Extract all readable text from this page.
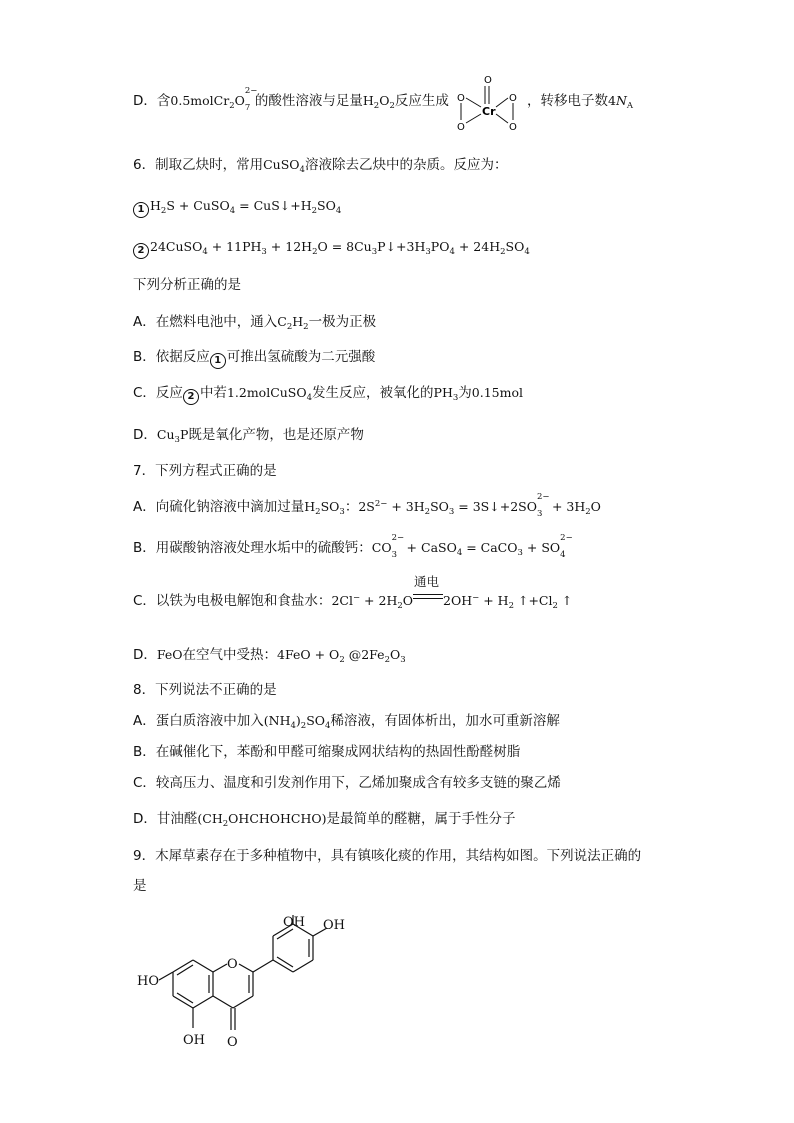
D．含0.5molCr$_2$O
2−
7 的酸性溶液与足量$H_2O_2$反应生成
Cr
O
O
O
O
O
，转移电子数$4N_A$
6．制取乙炔时，常用CuSO$_4$溶液除去乙炔中的杂质。反应为：
1 $H_2S$ + CuSO$_4$ = $CuS↓+H_2SO_4$
2 24CuSO$_4$ + $11PH_3 + 12H_2O$ = $8Cu_3P↓+3H_3PO_4 + 24H_2SO_4$
下列分析正确的是
A．在燃料电池中，通入$C_2H_2$一极为正极
B．依据反应 1 可推出氢硫酸为二元强酸
C．反应 2 中若1.2molCuSO$_4$发生反应，被氧化的$PH_3$为0.15mol
D．$Cu_3P$既是氧化产物，也是还原产物
7．下列方程式正确的是
A．向硫化钠溶液中滴加过量$H_2SO_3$：$2S^{2-} + 3H_2SO_3$ = 3S↓+2SO
2−
$3 + 3H_2O$
B．用碳酸钠溶液处理水垢中的硫酸钙：CO
2−
3 + CaSO$_4$ = CaCO$_3$ + SO
2−
4
C．以铁为电极电解饱和食盐水：$2Cl^- + 2H_2O$
通电
$2OH^- + H_2$ $↑+Cl_2$ ↑
D．FeO在空气中受热：$4FeO + O_2$ $@2Fe_2O_3$
8．下列说法不正确的是
A．蛋白质溶液中加入$(NH_4)_2SO_4$稀溶液，有固体析出，加水可重新溶解
B．在碱催化下，苯酚和甲醛可缩聚成网状结构的热固性酚醛树脂
C．较高压力、温度和引发剂作用下，乙烯加聚成含有较多支链的聚乙烯
D．甘油醛$(CH_2OHCHOHCHO)$是最简单的醛糖，属于手性分子
9．木犀草素存在于多种植物中，具有镇咳化痰的作用，其结构如图。下列说法正确的
是
O
O
HO
OH
OH OH
